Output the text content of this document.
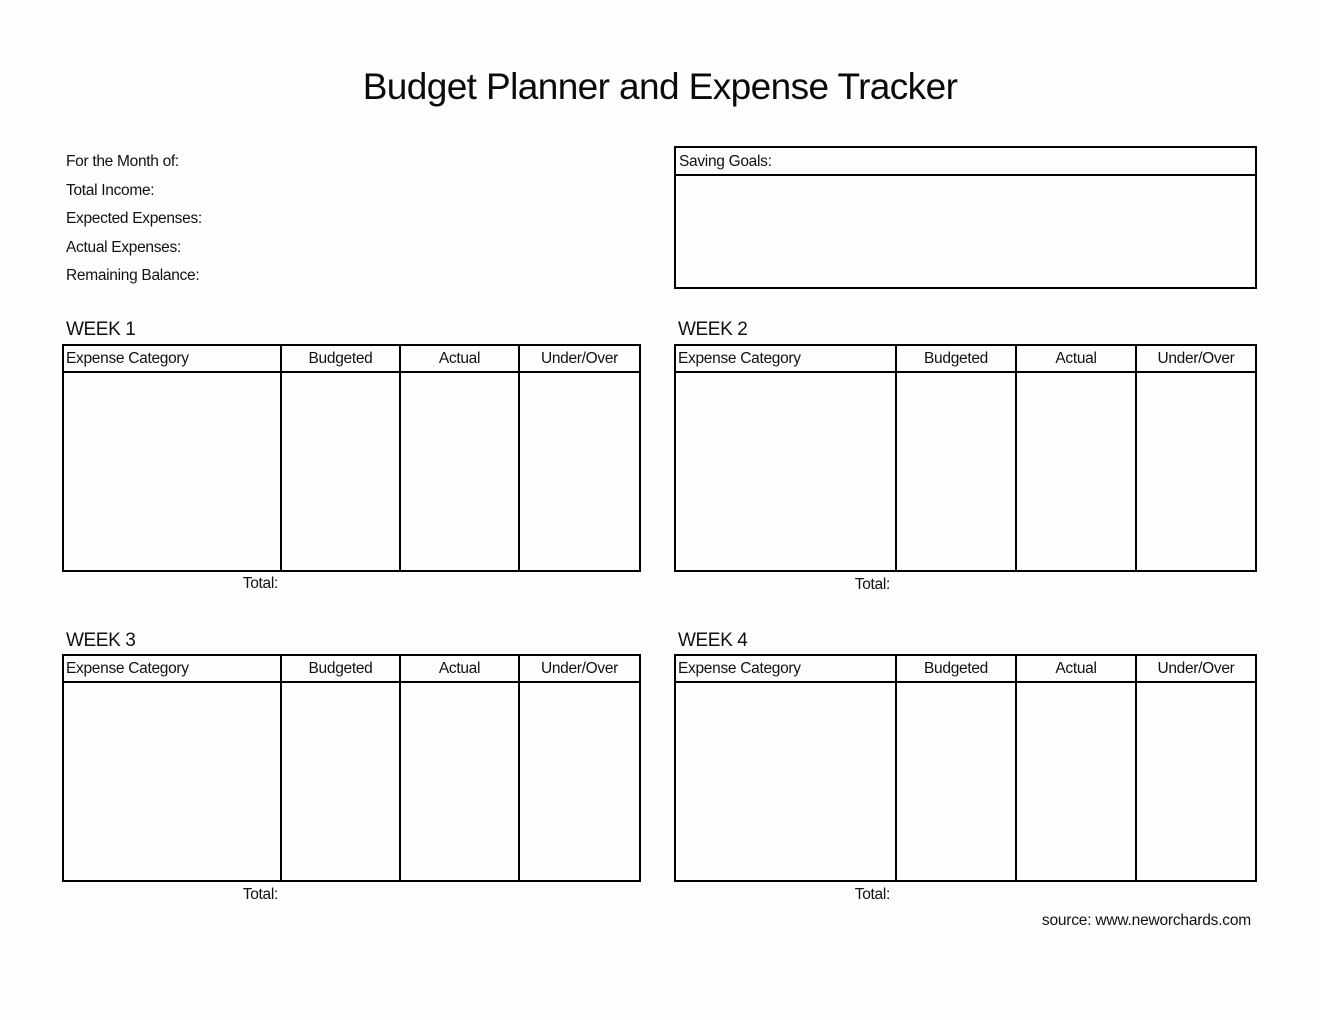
Budget Planner and Expense Tracker
For the Month of:
Total Income:
Expected Expenses:
Actual Expenses:
Remaining Balance:
Saving Goals:
WEEK 1
Expense Category	Budgeted	Actual	Under/Over
Total:
WEEK 2
Expense Category	Budgeted	Actual	Under/Over
Total:
WEEK 3
Expense Category	Budgeted	Actual	Under/Over
Total:
WEEK 4
Expense Category	Budgeted	Actual	Under/Over
Total:
source: www.neworchards.com
